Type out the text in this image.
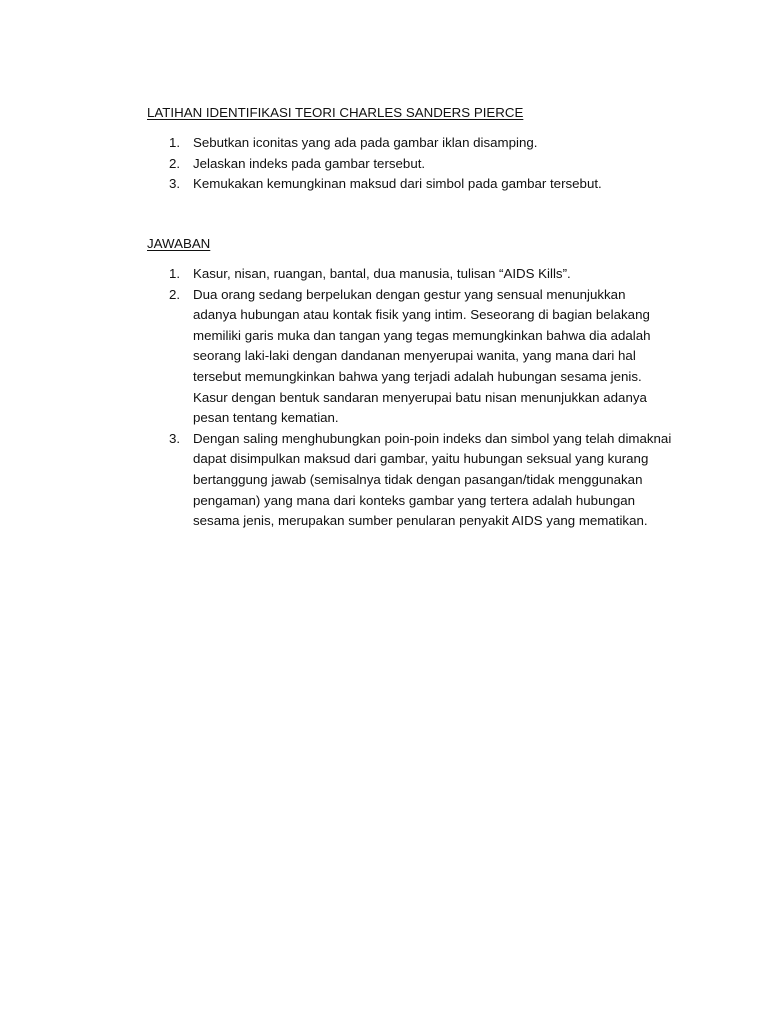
LATIHAN IDENTIFIKASI TEORI CHARLES SANDERS PIERCE
1. Sebutkan iconitas yang ada pada gambar iklan disamping.
2. Jelaskan indeks pada gambar tersebut.
3. Kemukakan kemungkinan maksud dari simbol pada gambar tersebut.
JAWABAN
1. Kasur, nisan, ruangan, bantal, dua manusia, tulisan “AIDS Kills”.
2. Dua orang sedang berpelukan dengan gestur yang sensual menunjukkan adanya hubungan atau kontak fisik yang intim. Seseorang di bagian belakang memiliki garis muka dan tangan yang tegas memungkinkan bahwa dia adalah seorang laki-laki dengan dandanan menyerupai wanita, yang mana dari hal tersebut memungkinkan bahwa yang terjadi adalah hubungan sesama jenis. Kasur dengan bentuk sandaran menyerupai batu nisan menunjukkan adanya pesan tentang kematian.
3. Dengan saling menghubungkan poin-poin indeks dan simbol yang telah dimaknai dapat disimpulkan maksud dari gambar, yaitu hubungan seksual yang kurang bertanggung jawab (semisalnya tidak dengan pasangan/tidak menggunakan pengaman) yang mana dari konteks gambar yang tertera adalah hubungan sesama jenis, merupakan sumber penularan penyakit AIDS yang mematikan.
